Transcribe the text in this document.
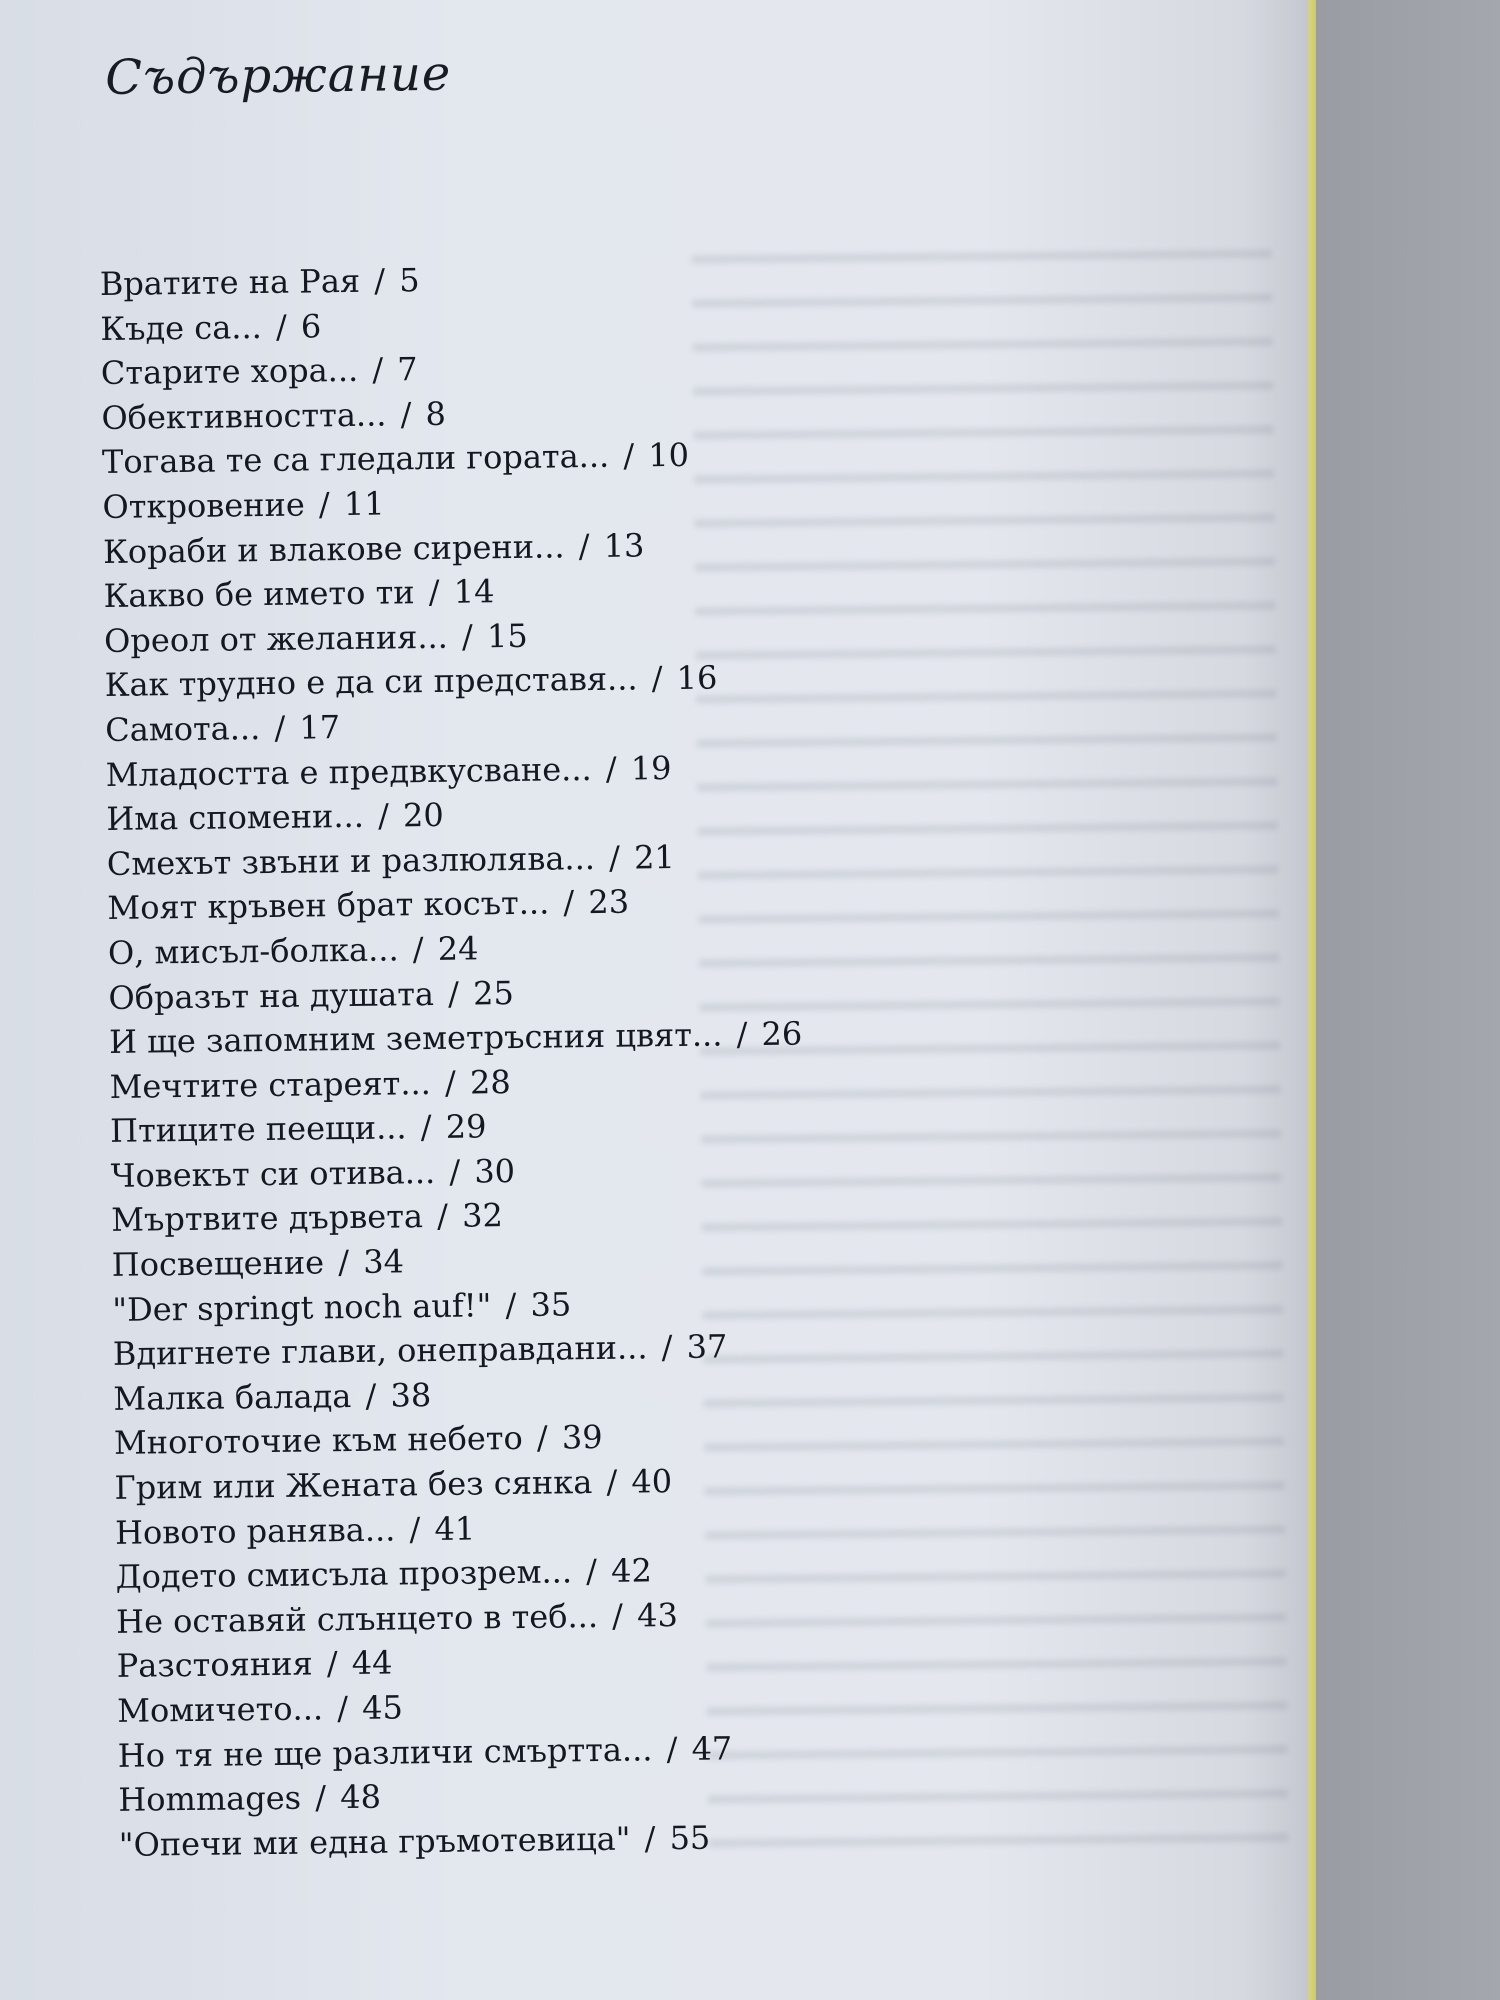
Съдържание
Вратите на Рая / 5
Къде са... / 6
Старите хора... / 7
Обективността... / 8
Тогава те са гледали гората... / 10
Откровение / 11
Кораби и влакове сирени... / 13
Какво бе името ти / 14
Ореол от желания... / 15
Как трудно е да си представя... / 16
Самота... / 17
Младостта е предвкусване... / 19
Има спомени... / 20
Смехът звъни и разлюлява... / 21
Моят кръвен брат косът... / 23
О, мисъл-болка... / 24
Образът на душата / 25
И ще запомним земетръсния цвят... / 26
Мечтите стареят... / 28
Птиците пеещи... / 29
Човекът си отива... / 30
Мъртвите дървета / 32
Посвещение / 34
"Der springt noch auf!" / 35
Вдигнете глави, онеправдани... / 37
Малка балада / 38
Многоточие към небето / 39
Грим или Жената без сянка / 40
Новото ранява... / 41
Додето смисъла прозрем... / 42
Не оставяй слънцето в теб... / 43
Разстояния / 44
Момичето... / 45
Но тя не ще различи смъртта... / 47
Hommages / 48
"Опечи ми една гръмотевица" / 55
